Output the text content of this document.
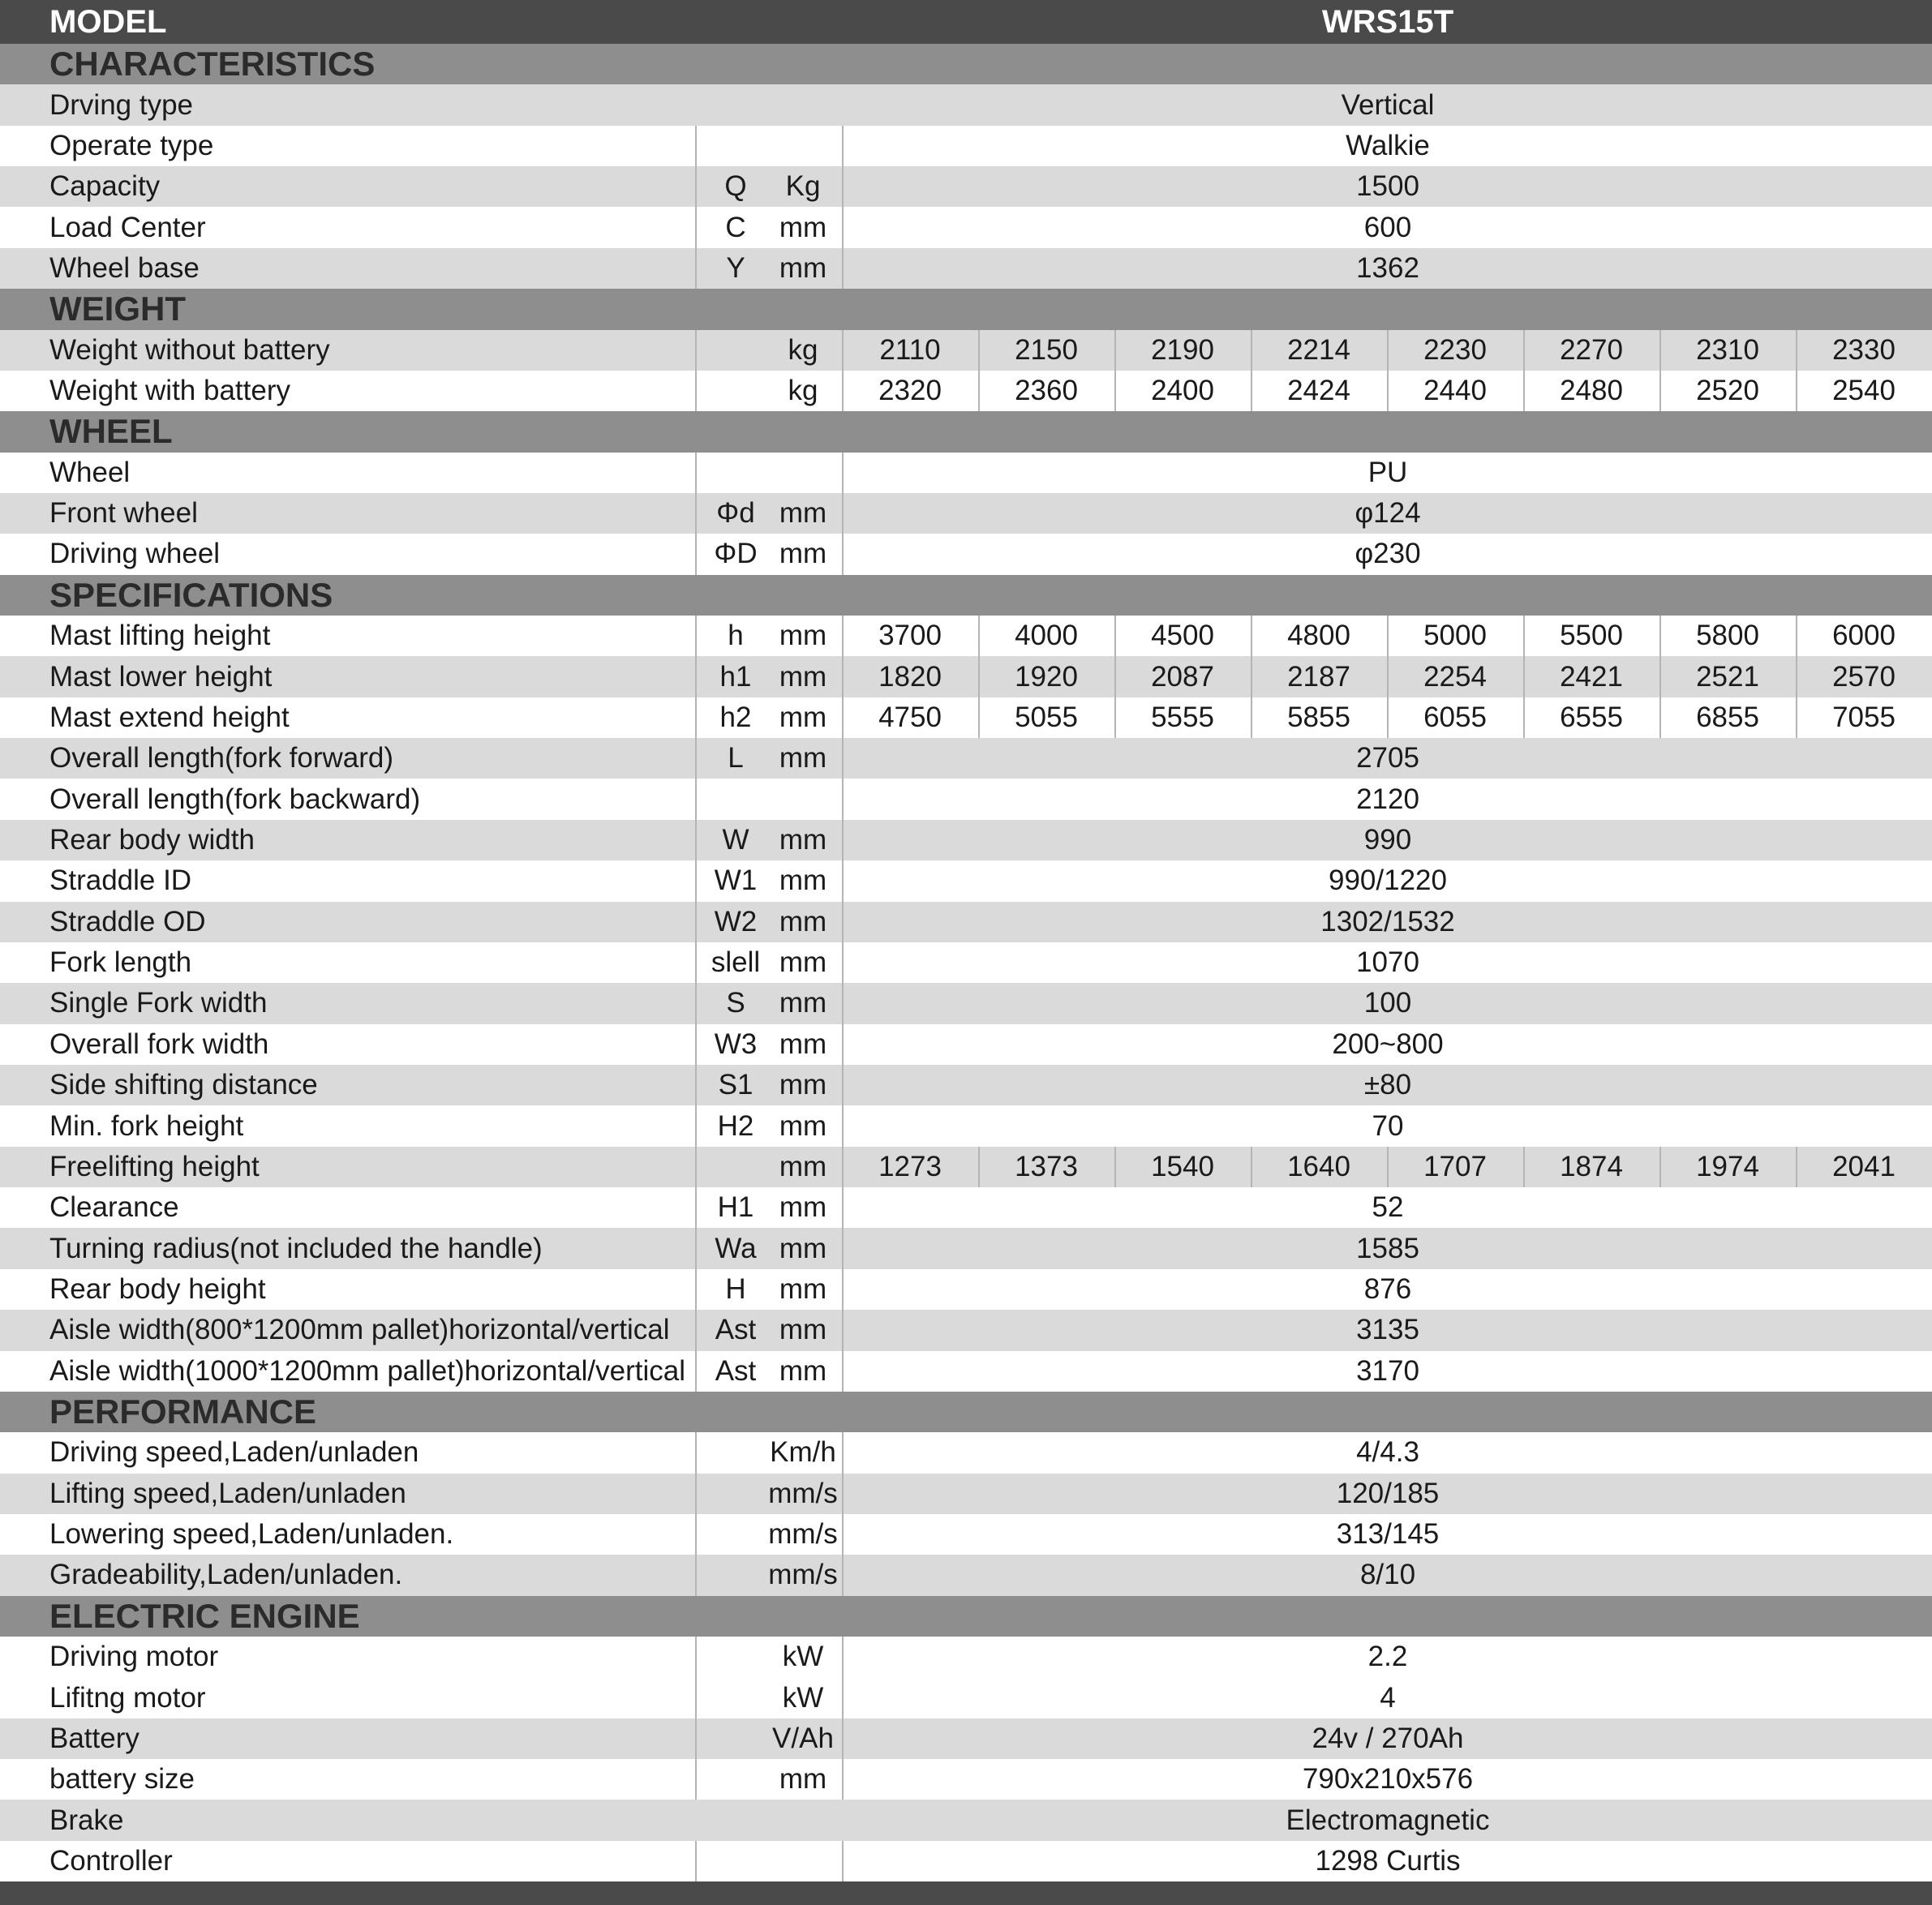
MODEL	WRS15T
CHARACTERISTICS
Drving type	Vertical
Operate type	Walkie
Capacity	Q	Kg	1500
Load Center	C	mm	600
Wheel base	Y	mm	1362
WEIGHT
Weight without battery	kg	2110	2150	2190	2214	2230	2270	2310	2330
Weight with battery	kg	2320	2360	2400	2424	2440	2480	2520	2540
WHEEL
Wheel	PU
Front wheel	Φd mm	φ124
Driving wheel	ΦD mm	φ230
SPECIFICATIONS
Mast lifting height	h	mm	3700	4000	4500	4800	5000	5500	5800	6000
Mast lower height	h1 mm	1820	1920	2087	2187	2254	2421	2521	2570
Mast extend height	h2 mm	4750	5055	5555	5855	6055	6555	6855	7055
Overall length(fork forward)	L	mm	2705
Overall length(fork backward)	2120
Rear body width	W	mm	990
Straddle ID	W1 mm	990/1220
Straddle OD	W2 mm	1302/1532
Fork length	slell mm	1070
Single Fork width	S	mm	100
Overall fork width	W3 mm	200~800
Side shifting distance	S1 mm	±80
Min. fork height	H2 mm	70
Freelifting height	mm	1273	1373	1540	1640	1707	1874	1974	2041
Clearance	H1 mm	52
Turning radius(not included the handle)	Wa mm	1585
Rear body height	H	mm	876
Aisle width(800*1200mm pallet)horizontal/vertical	Ast mm	3135
Aisle width(1000*1200mm pallet)horizontal/vertical	Ast mm	3170
PERFORMANCE
Driving speed,Laden/unladen	Km/h	4/4.3
Lifting speed,Laden/unladen	mm/s	120/185
Lowering speed,Laden/unladen.	mm/s	313/145
Gradeability,Laden/unladen.	mm/s	8/10
ELECTRIC ENGINE
Driving motor	kW	2.2
Lifitng motor	kW	4
Battery	V/Ah	24v / 270Ah
battery size	mm	790x210x576
Brake	Electromagnetic
Controller	1298 Curtis
